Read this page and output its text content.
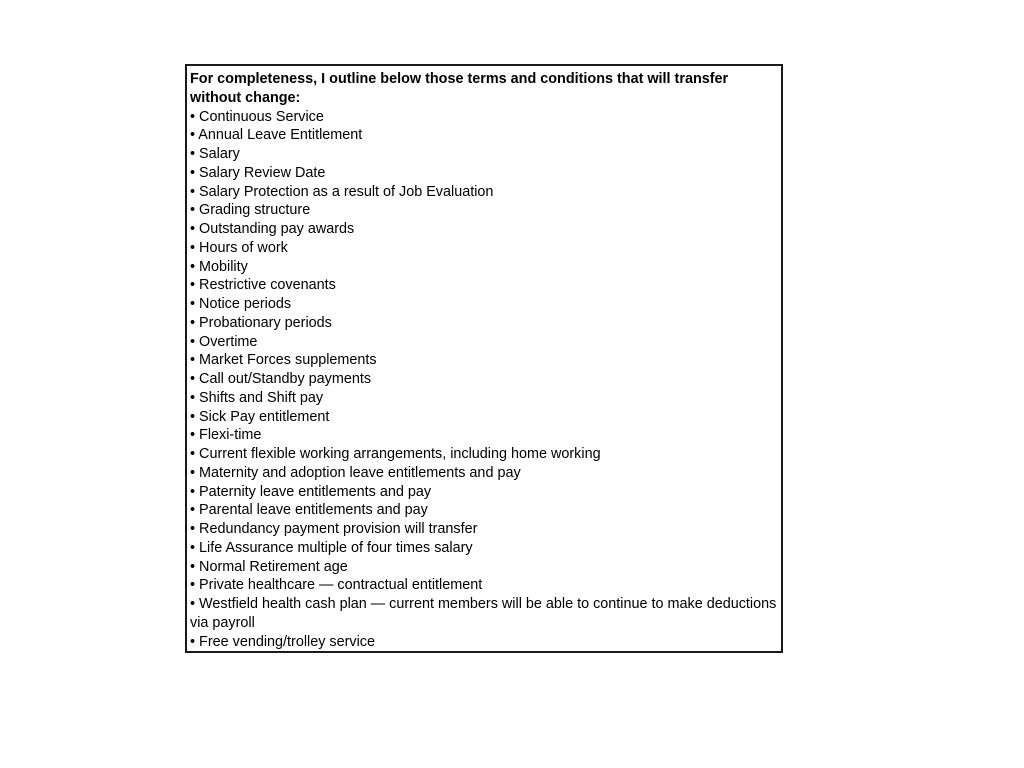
For completeness, I outline below those terms and conditions that will transfer without change:

• Continuous Service
• Annual Leave Entitlement
• Salary
• Salary Review Date
• Salary Protection as a result of Job Evaluation
• Grading structure
• Outstanding pay awards
• Hours of work
• Mobility
• Restrictive covenants
• Notice periods
• Probationary periods
• Overtime
• Market Forces supplements
• Call out/Standby payments
• Shifts and Shift pay
• Sick Pay entitlement
• Flexi-time
• Current flexible working arrangements, including home working
• Maternity and adoption leave entitlements and pay
• Paternity leave entitlements and pay
• Parental leave entitlements and pay
• Redundancy payment provision will transfer
• Life Assurance multiple of four times salary
• Normal Retirement age
• Private healthcare — contractual entitlement
• Westfield health cash plan — current members will be able to continue to make deductions via payroll
• Free vending/trolley service
